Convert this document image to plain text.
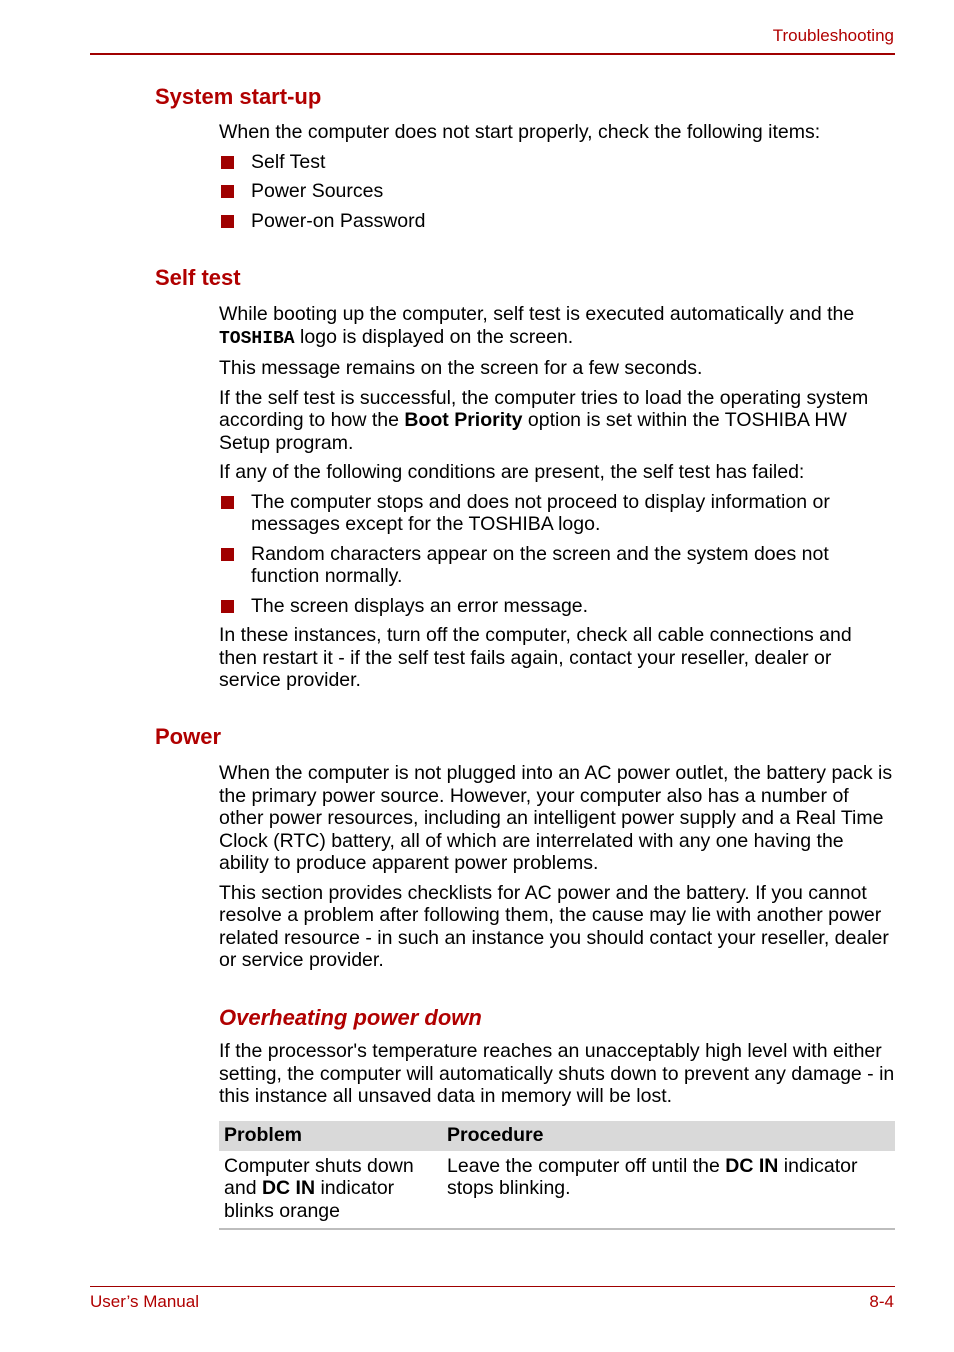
Troubleshooting
System start-up

When the computer does not start properly, check the following items:

Self Test
Power Sources
Power-on Password
Self test

While booting up the computer, self test is executed automatically and the TOSHIBA logo is displayed on the screen.

This message remains on the screen for a few seconds.

If the self test is successful, the computer tries to load the operating system according to how the Boot Priority option is set within the TOSHIBA HW Setup program.

If any of the following conditions are present, the self test has failed:

The computer stops and does not proceed to display information or messages except for the TOSHIBA logo.
Random characters appear on the screen and the system does not function normally.
The screen displays an error message.

In these instances, turn off the computer, check all cable connections and then restart it - if the self test fails again, contact your reseller, dealer or service provider.

Power

When the computer is not plugged into an AC power outlet, the battery pack is the primary power source. However, your computer also has a number of other power resources, including an intelligent power supply and a Real Time Clock (RTC) battery, all of which are interrelated with any one having the ability to produce apparent power problems.

This section provides checklists for AC power and the battery. If you cannot resolve a problem after following them, the cause may lie with another power related resource - in such an instance you should contact your reseller, dealer or service provider.

Overheating power down

If the processor's temperature reaches an unacceptably high level with either setting, the computer will automatically shuts down to prevent any damage - in this instance all unsaved data in memory will be lost.

Problem	Procedure
Computer shuts down and DC IN indicator blinks orange	Leave the computer off until the DC IN indicator stops blinking.
User’s Manual	8-4
